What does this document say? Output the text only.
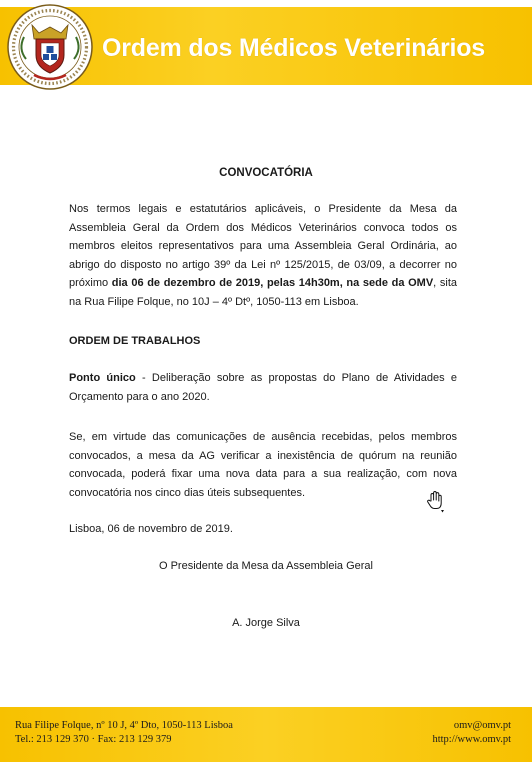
Ordem dos Médicos Veterinários

CONVOCATÓRIA

Nos termos legais e estatutários aplicáveis, o Presidente da Mesa da Assembleia Geral da Ordem dos Médicos Veterinários convoca todos os membros eleitos representativos para uma Assembleia Geral Ordinária, ao abrigo do disposto no artigo 39º da Lei nº 125/2015, de 03/09, a decorrer no próximo dia 06 de dezembro de 2019, pelas 14h30m, na sede da OMV, sita na Rua Filipe Folque, no 10J – 4º Dtº, 1050-113 em Lisboa.

ORDEM DE TRABALHOS

Ponto único - Deliberação sobre as propostas do Plano de Atividades e Orçamento para o ano 2020.

Se, em virtude das comunicações de ausência recebidas, pelos membros convocados, a mesa da AG verificar a inexistência de quórum na reunião convocada, poderá fixar uma nova data para a sua realização, com nova convocatória nos cinco dias úteis subsequentes.

Lisboa, 06 de novembro de 2019.

O Presidente da Mesa da Assembleia Geral

A. Jorge Silva

Rua Filipe Folque, nº 10 J, 4º Dto, 1050-113 Lisboa
Tel.: 213 129 370 · Fax: 213 129 379
omv@omv.pt
http://www.omv.pt
